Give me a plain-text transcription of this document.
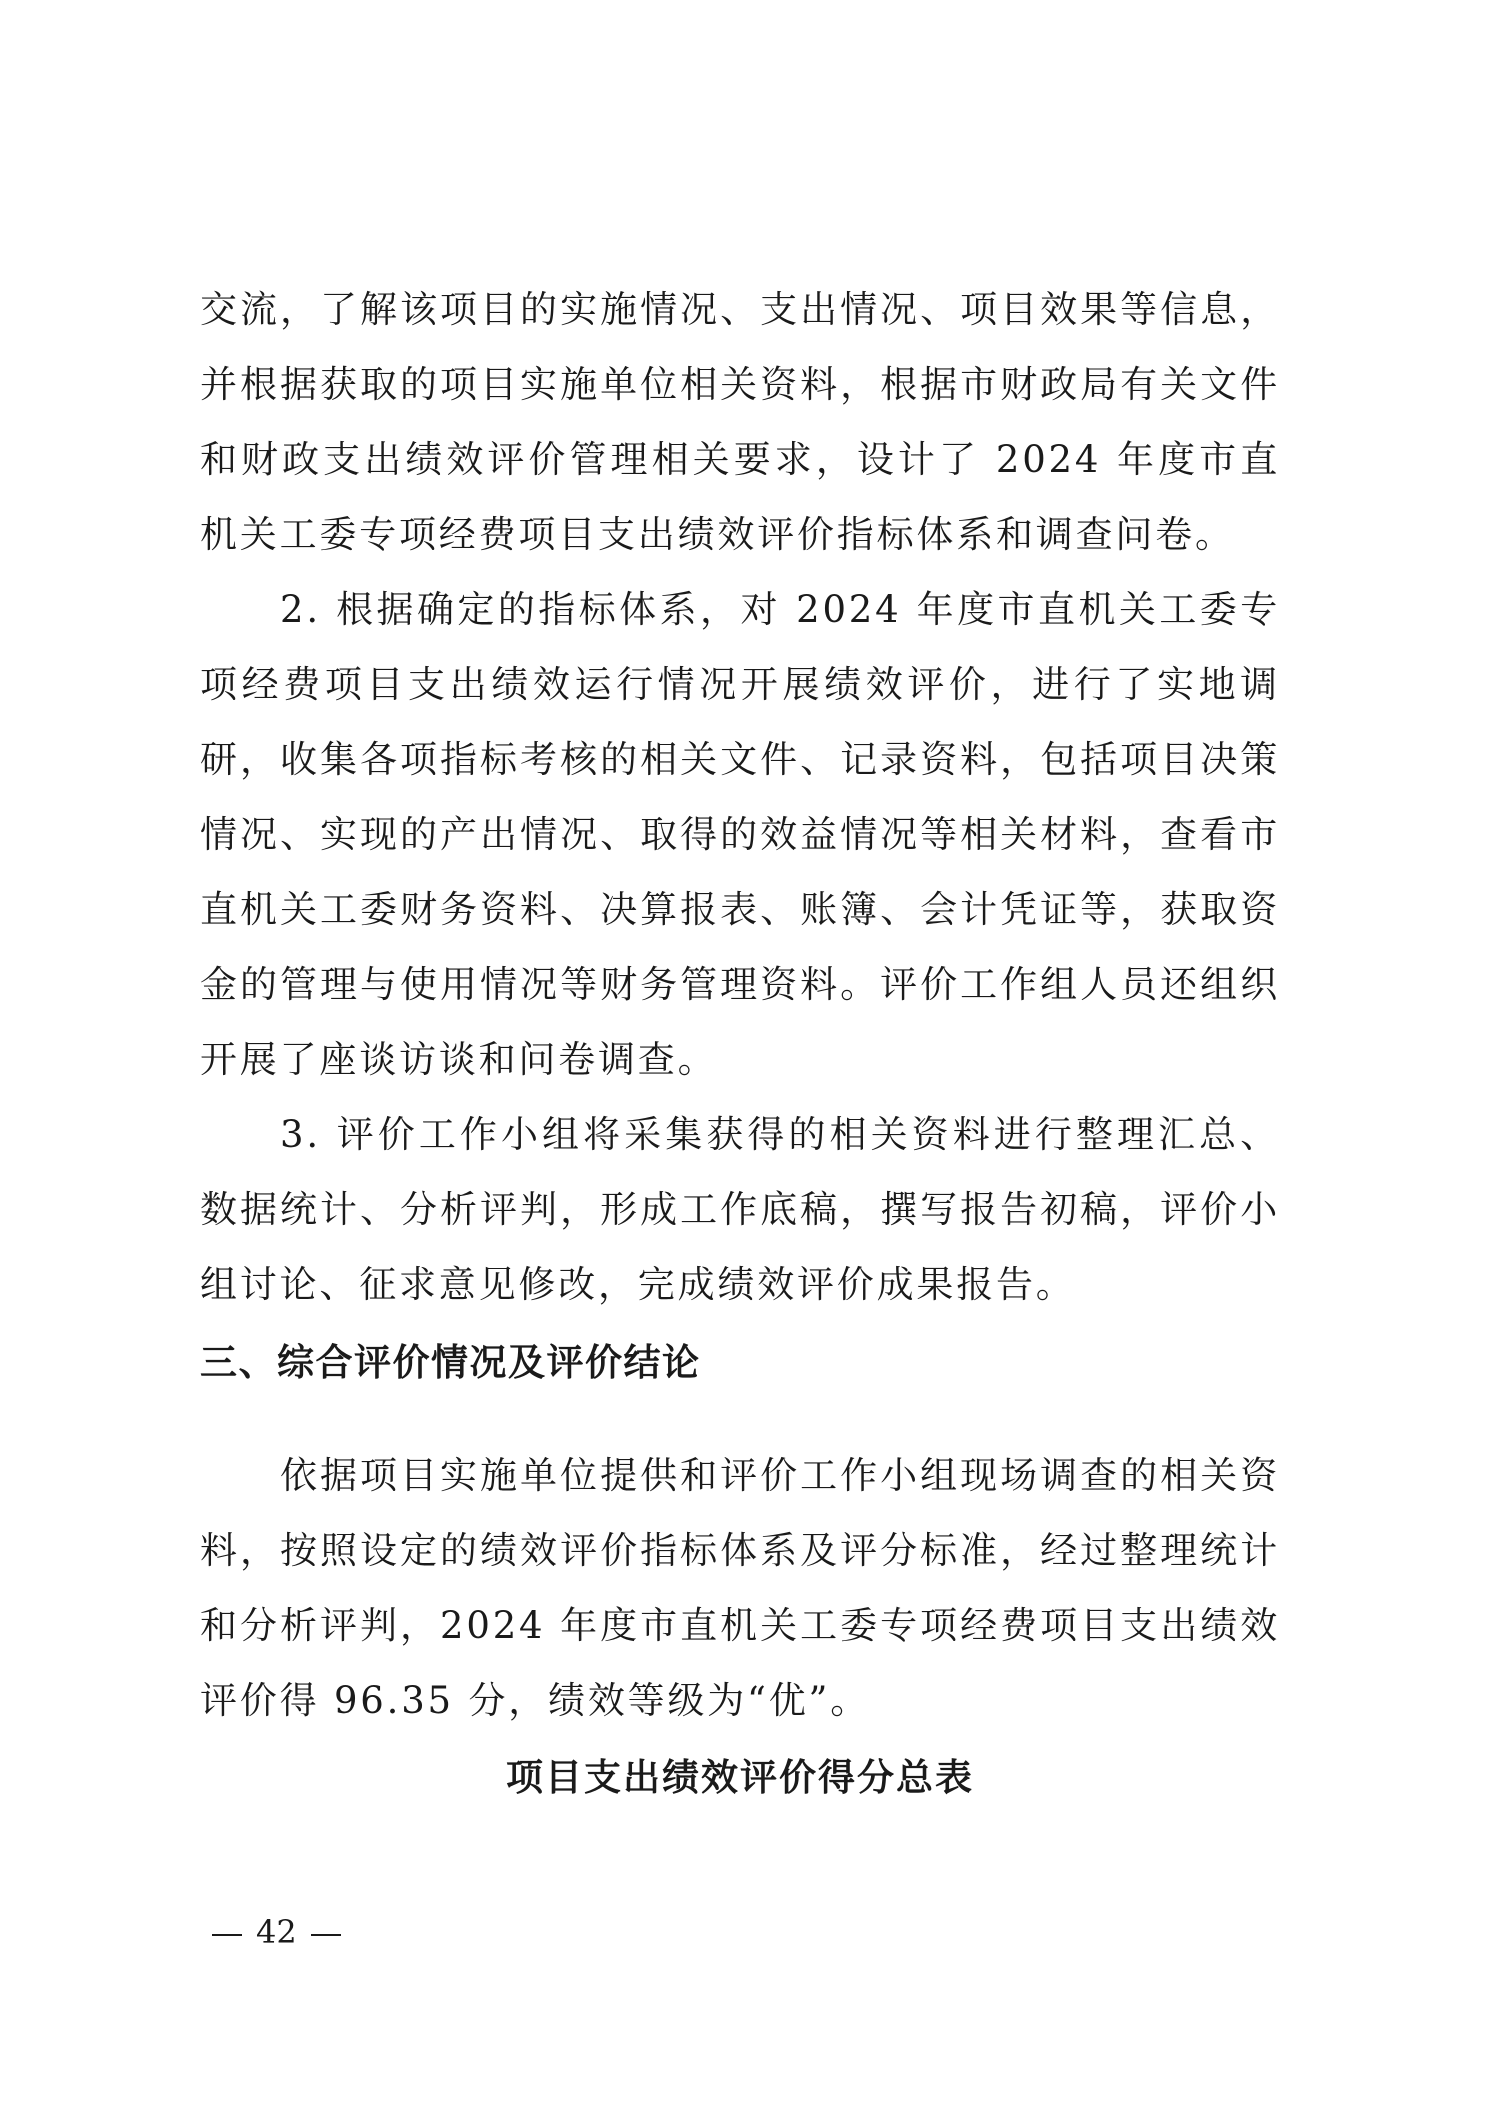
交流，了解该项目的实施情况、支出情况、项目效果等信息，并根据获取的项目实施单位相关资料，根据市财政局有关文件和财政支出绩效评价管理相关要求，设计了 2024 年度市直机关工委专项经费项目支出绩效评价指标体系和调查问卷。

2. 根据确定的指标体系，对 2024 年度市直机关工委专项经费项目支出绩效运行情况开展绩效评价，进行了实地调研，收集各项指标考核的相关文件、记录资料，包括项目决策情况、实现的产出情况、取得的效益情况等相关材料，查看市直机关工委财务资料、决算报表、账簿、会计凭证等，获取资金的管理与使用情况等财务管理资料。评价工作组人员还组织开展了座谈访谈和问卷调查。

3. 评价工作小组将采集获得的相关资料进行整理汇总、数据统计、分析评判，形成工作底稿，撰写报告初稿，评价小组讨论、征求意见修改，完成绩效评价成果报告。

三、综合评价情况及评价结论

依据项目实施单位提供和评价工作小组现场调查的相关资料，按照设定的绩效评价指标体系及评分标准，经过整理统计和分析评判，2024 年度市直机关工委专项经费项目支出绩效评价得 96.35 分，绩效等级为“优”。

项目支出绩效评价得分总表

42
